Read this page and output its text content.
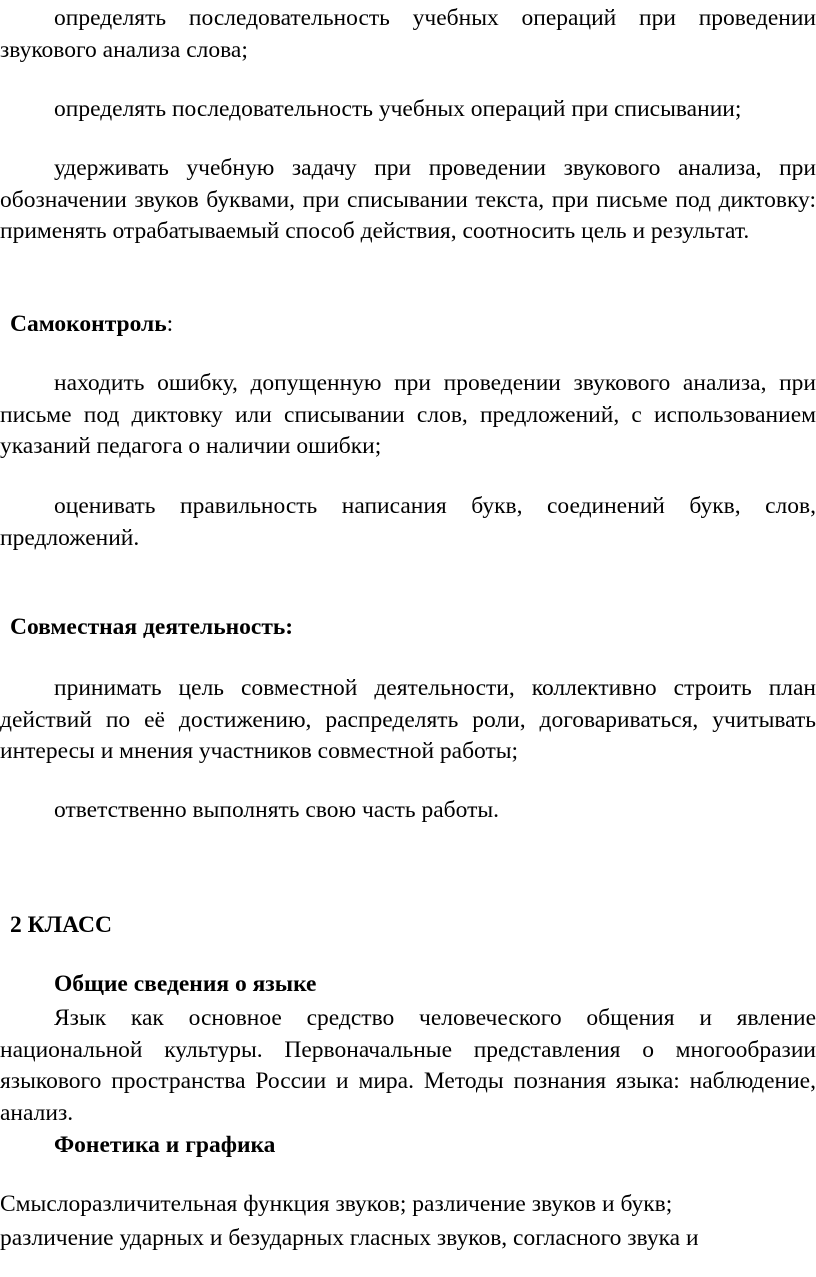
определять последовательность учебных операций при проведении звукового анализа слова;
определять последовательность учебных операций при списывании;
удерживать учебную задачу при проведении звукового анализа, при обозначении звуков буквами, при списывании текста, при письме под диктовку: применять отрабатываемый способ действия, соотносить цель и результат.
Самоконтроль:
находить ошибку, допущенную при проведении звукового анализа, при письме под диктовку или списывании слов, предложений, с использованием указаний педагога о наличии ошибки;
оценивать правильность написания букв, соединений букв, слов, предложений.
Совместная деятельность:
принимать цель совместной деятельности, коллективно строить план действий по её достижению, распределять роли, договариваться, учитывать интересы и мнения участников совместной работы;
ответственно выполнять свою часть работы.
2 КЛАСС
Общие сведения о языке
Язык как основное средство человеческого общения и явление национальной культуры. Первоначальные представления о многообразии языкового пространства России и мира. Методы познания языка: наблюдение, анализ.
Фонетика и графика
Смыслоразличительная функция звуков; различение звуков и букв;
различение ударных и безударных гласных звуков, согласного звука и
